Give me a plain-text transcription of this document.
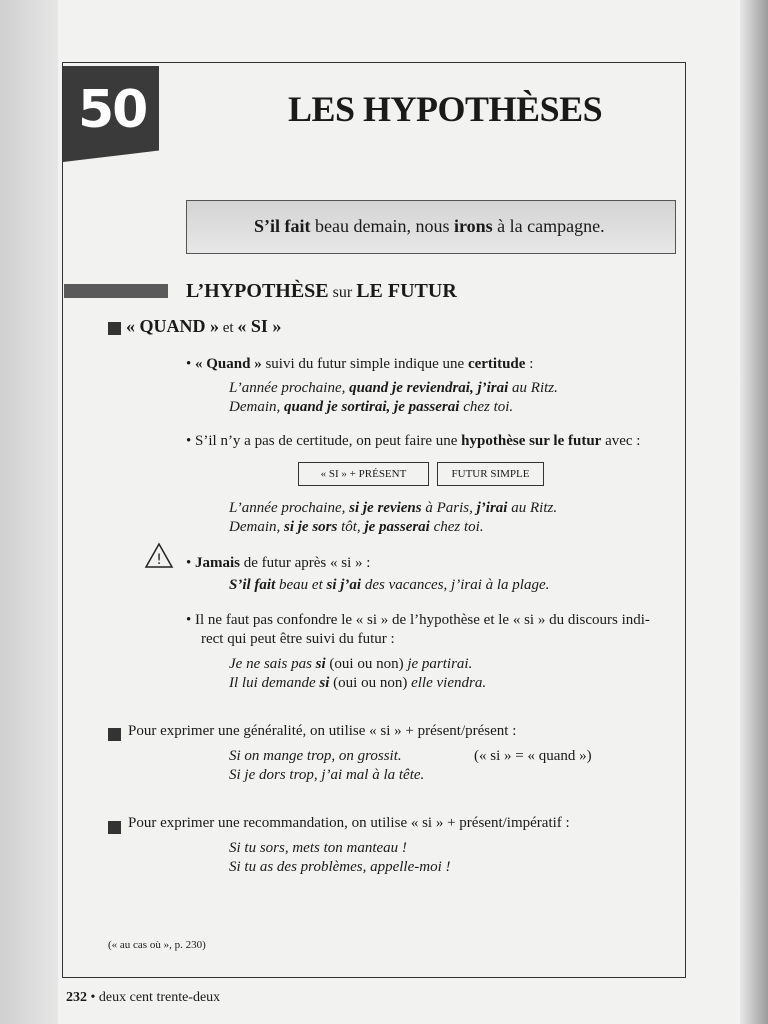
50	LES HYPOTHÈSES
S’il fait beau demain, nous irons à la campagne.
L’HYPOTHÈSE sur LE FUTUR
« QUAND » et « SI »
• « Quand » suivi du futur simple indique une certitude :
L’année prochaine, quand je reviendrai, j’irai au Ritz.
Demain, quand je sortirai, je passerai chez toi.
• S’il n’y a pas de certitude, on peut faire une hypothèse sur le futur avec :
« SI » + PRÉSENT	FUTUR SIMPLE
L’année prochaine, si je reviens à Paris, j’irai au Ritz.
Demain, si je sors tôt, je passerai chez toi.
! • Jamais de futur après « si » :
S’il fait beau et si j’ai des vacances, j’irai à la plage.
• Il ne faut pas confondre le « si » de l’hypothèse et le « si » du discours indi-
rect qui peut être suivi du futur :
Je ne sais pas si (oui ou non) je partirai.
Il lui demande si (oui ou non) elle viendra.
Pour exprimer une généralité, on utilise « si » + présent/présent :
Si on mange trop, on grossit.	(« si » = « quand »)
Si je dors trop, j’ai mal à la tête.
Pour exprimer une recommandation, on utilise « si » + présent/impératif :
Si tu sors, mets ton manteau !
Si tu as des problèmes, appelle-moi !
(« au cas où », p. 230)
232 • deux cent trente-deux
